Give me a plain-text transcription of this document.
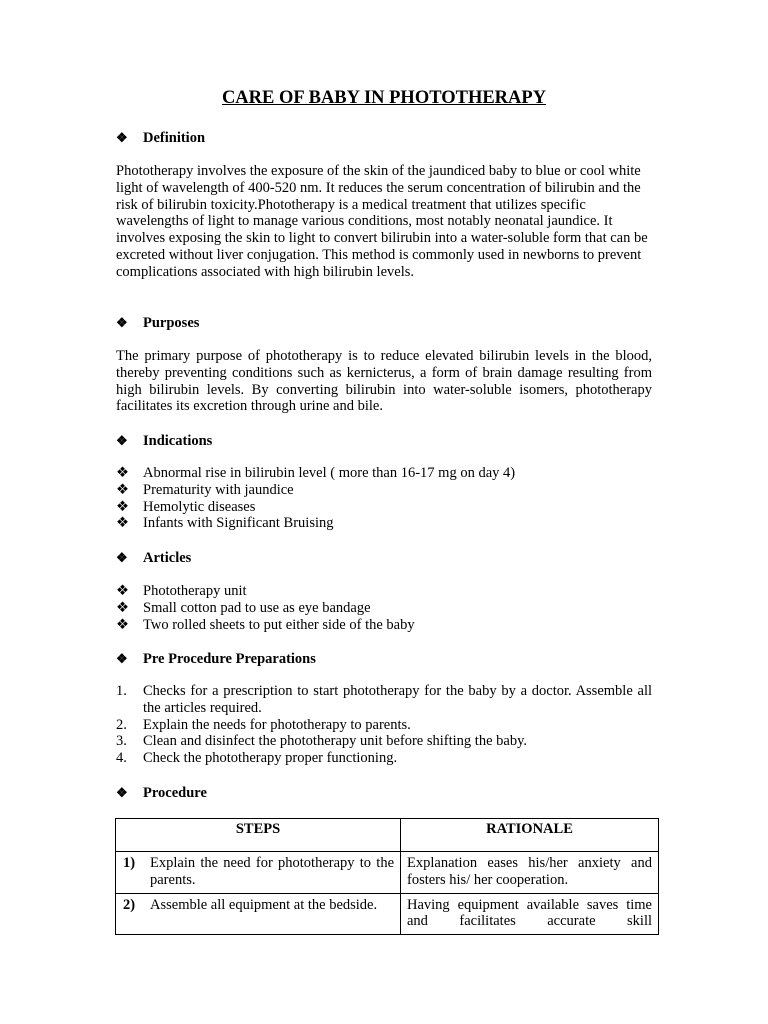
CARE OF BABY IN PHOTOTHERAPY
❖ Definition
Phototherapy involves the exposure of the skin of the jaundiced baby to blue or cool white light of wavelength of 400-520 nm. It reduces the serum concentration of bilirubin and the risk of bilirubin toxicity.Phototherapy is a medical treatment that utilizes specific wavelengths of light to manage various conditions, most notably neonatal jaundice. It involves exposing the skin to light to convert bilirubin into a water-soluble form that can be excreted without liver conjugation. This method is commonly used in newborns to prevent complications associated with high bilirubin levels.
❖ Purposes
The primary purpose of phototherapy is to reduce elevated bilirubin levels in the blood, thereby preventing conditions such as kernicterus, a form of brain damage resulting from high bilirubin levels. By converting bilirubin into water-soluble isomers, phototherapy facilitates its excretion through urine and bile.
❖ Indications
❖ Abnormal rise in bilirubin level ( more than 16-17 mg on day 4)
❖ Prematurity with jaundice
❖ Hemolytic diseases
❖ Infants with Significant Bruising
❖ Articles
❖ Phototherapy unit
❖ Small cotton pad to use as eye bandage
❖ Two rolled sheets to put either side of the baby
❖ Pre Procedure Preparations
1.	Checks for a prescription to start phototherapy for the baby by a doctor. Assemble all the articles required.
2.	Explain the needs for phototherapy to parents.
3.	Clean and disinfect the phototherapy unit before shifting the baby.
4.	Check the phototherapy proper functioning.
❖ Procedure
STEPS	RATIONALE

1) Explain the need for phototherapy to the parents.	Explanation eases his/her anxiety and fosters his/ her cooperation.

2) Assemble all equipment at the bedside.	Having equipment available saves time and facilitates accurate skill
